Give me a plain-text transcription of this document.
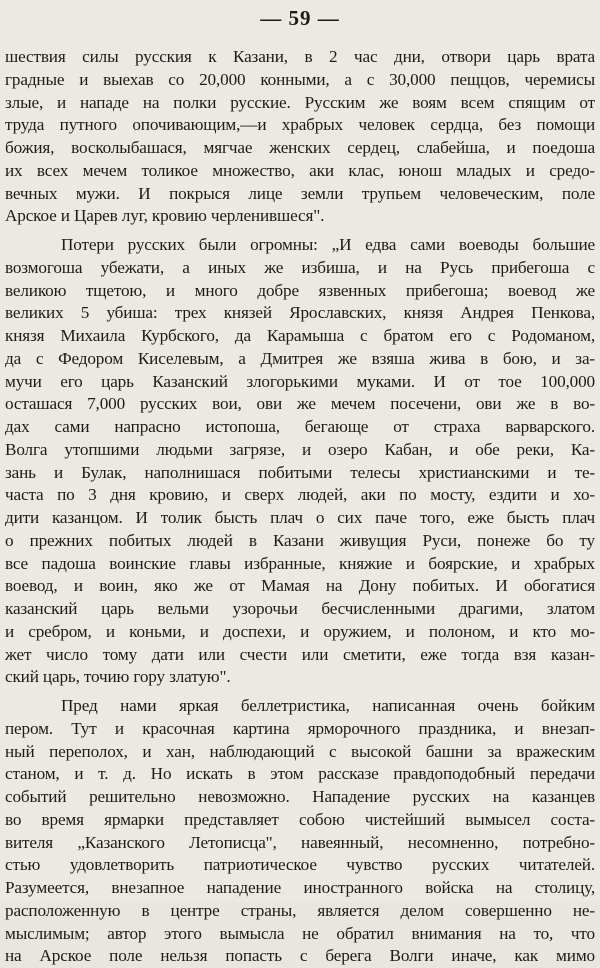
— 59 —
шествия силы русския к Казани, в 2 час дни, отвори царь врата
градные и выехав со 20,000 конными, а с 30,000 пещцов, черемисы
злые, и нападе на полки русские. Русским же воям всем спящим от
труда путного опочивающим,—и храбрых человек сердца, без помощи
божия, восколыбашася, мягчае женских сердец, слабейша, и поедоша
их всех мечем толикое множество, аки клас, юнош младых и средо-
вечных мужи. И покрыся лице земли трупьем человеческим, поле
Арское и Царев луг, кровию черленившеся".
Потери русских были огромны: „И едва сами воеводы большие
возмогоша убежати, а иных же избиша, и на Русь прибегоша с
великою тщетою, и много добре язвенных прибегоша; воевод же
великих 5 убиша: трех князей Ярославских, князя Андрея Пенкова,
князя Михаила Курбского, да Карамыша с братом его с Родоманом,
да с Федором Киселевым, а Дмитрея же взяша жива в бою, и за-
мучи его царь Казанский злогорькими муками. И от тое 100,000
осташася 7,000 русских вои, ови же мечем посечени, ови же в во-
дах сами напрасно истопоша, бегающе от страха варварского.
Волга утопшими людьми загрязе, и озеро Кабан, и обе реки, Ка-
зань и Булак, наполнишася побитыми телесы христианскими и те-
часта по 3 дня кровию, и сверх людей, аки по мосту, ездити и хо-
дити казанцом. И толик бысть плач о сих паче того, еже бысть плач
о прежних побитых людей в Казани живущия Руси, понеже бо ту
все падоша воинские главы избранные, княжие и боярские, и храбрых
воевод, и воин, яко же от Мамая на Дону побитых. И обогатися
казанский царь вельми узорочьи бесчисленными драгими, златом
и сребром, и коньми, и доспехи, и оружием, и полоном, и кто мо-
жет число тому дати или счести или сметити, еже тогда взя казан-
ский царь, точию гору златую".
Пред нами яркая беллетристика, написанная очень бойким
пером. Тут и красочная картина ярморочного праздника, и внезап-
ный переполох, и хан, наблюдающий с высокой башни за вражеским
станом, и т. д. Но искать в этом рассказе правдоподобный передачи
событий решительно невозможно. Нападение русских на казанцев
во время ярмарки представляет собою чистейший вымысел соста-
вителя „Казанского Летописца", навеянный, несомненно, потребно-
стью удовлетворить патриотическое чувство русских читателей.
Разумеется, внезапное нападение иностранного войска на столицу,
расположенную в центре страны, является делом совершенно не-
мыслимым; автор этого вымысла не обратил внимания на то, что
на Арское поле нельзя попасть с берега Волги иначе, как мимо
